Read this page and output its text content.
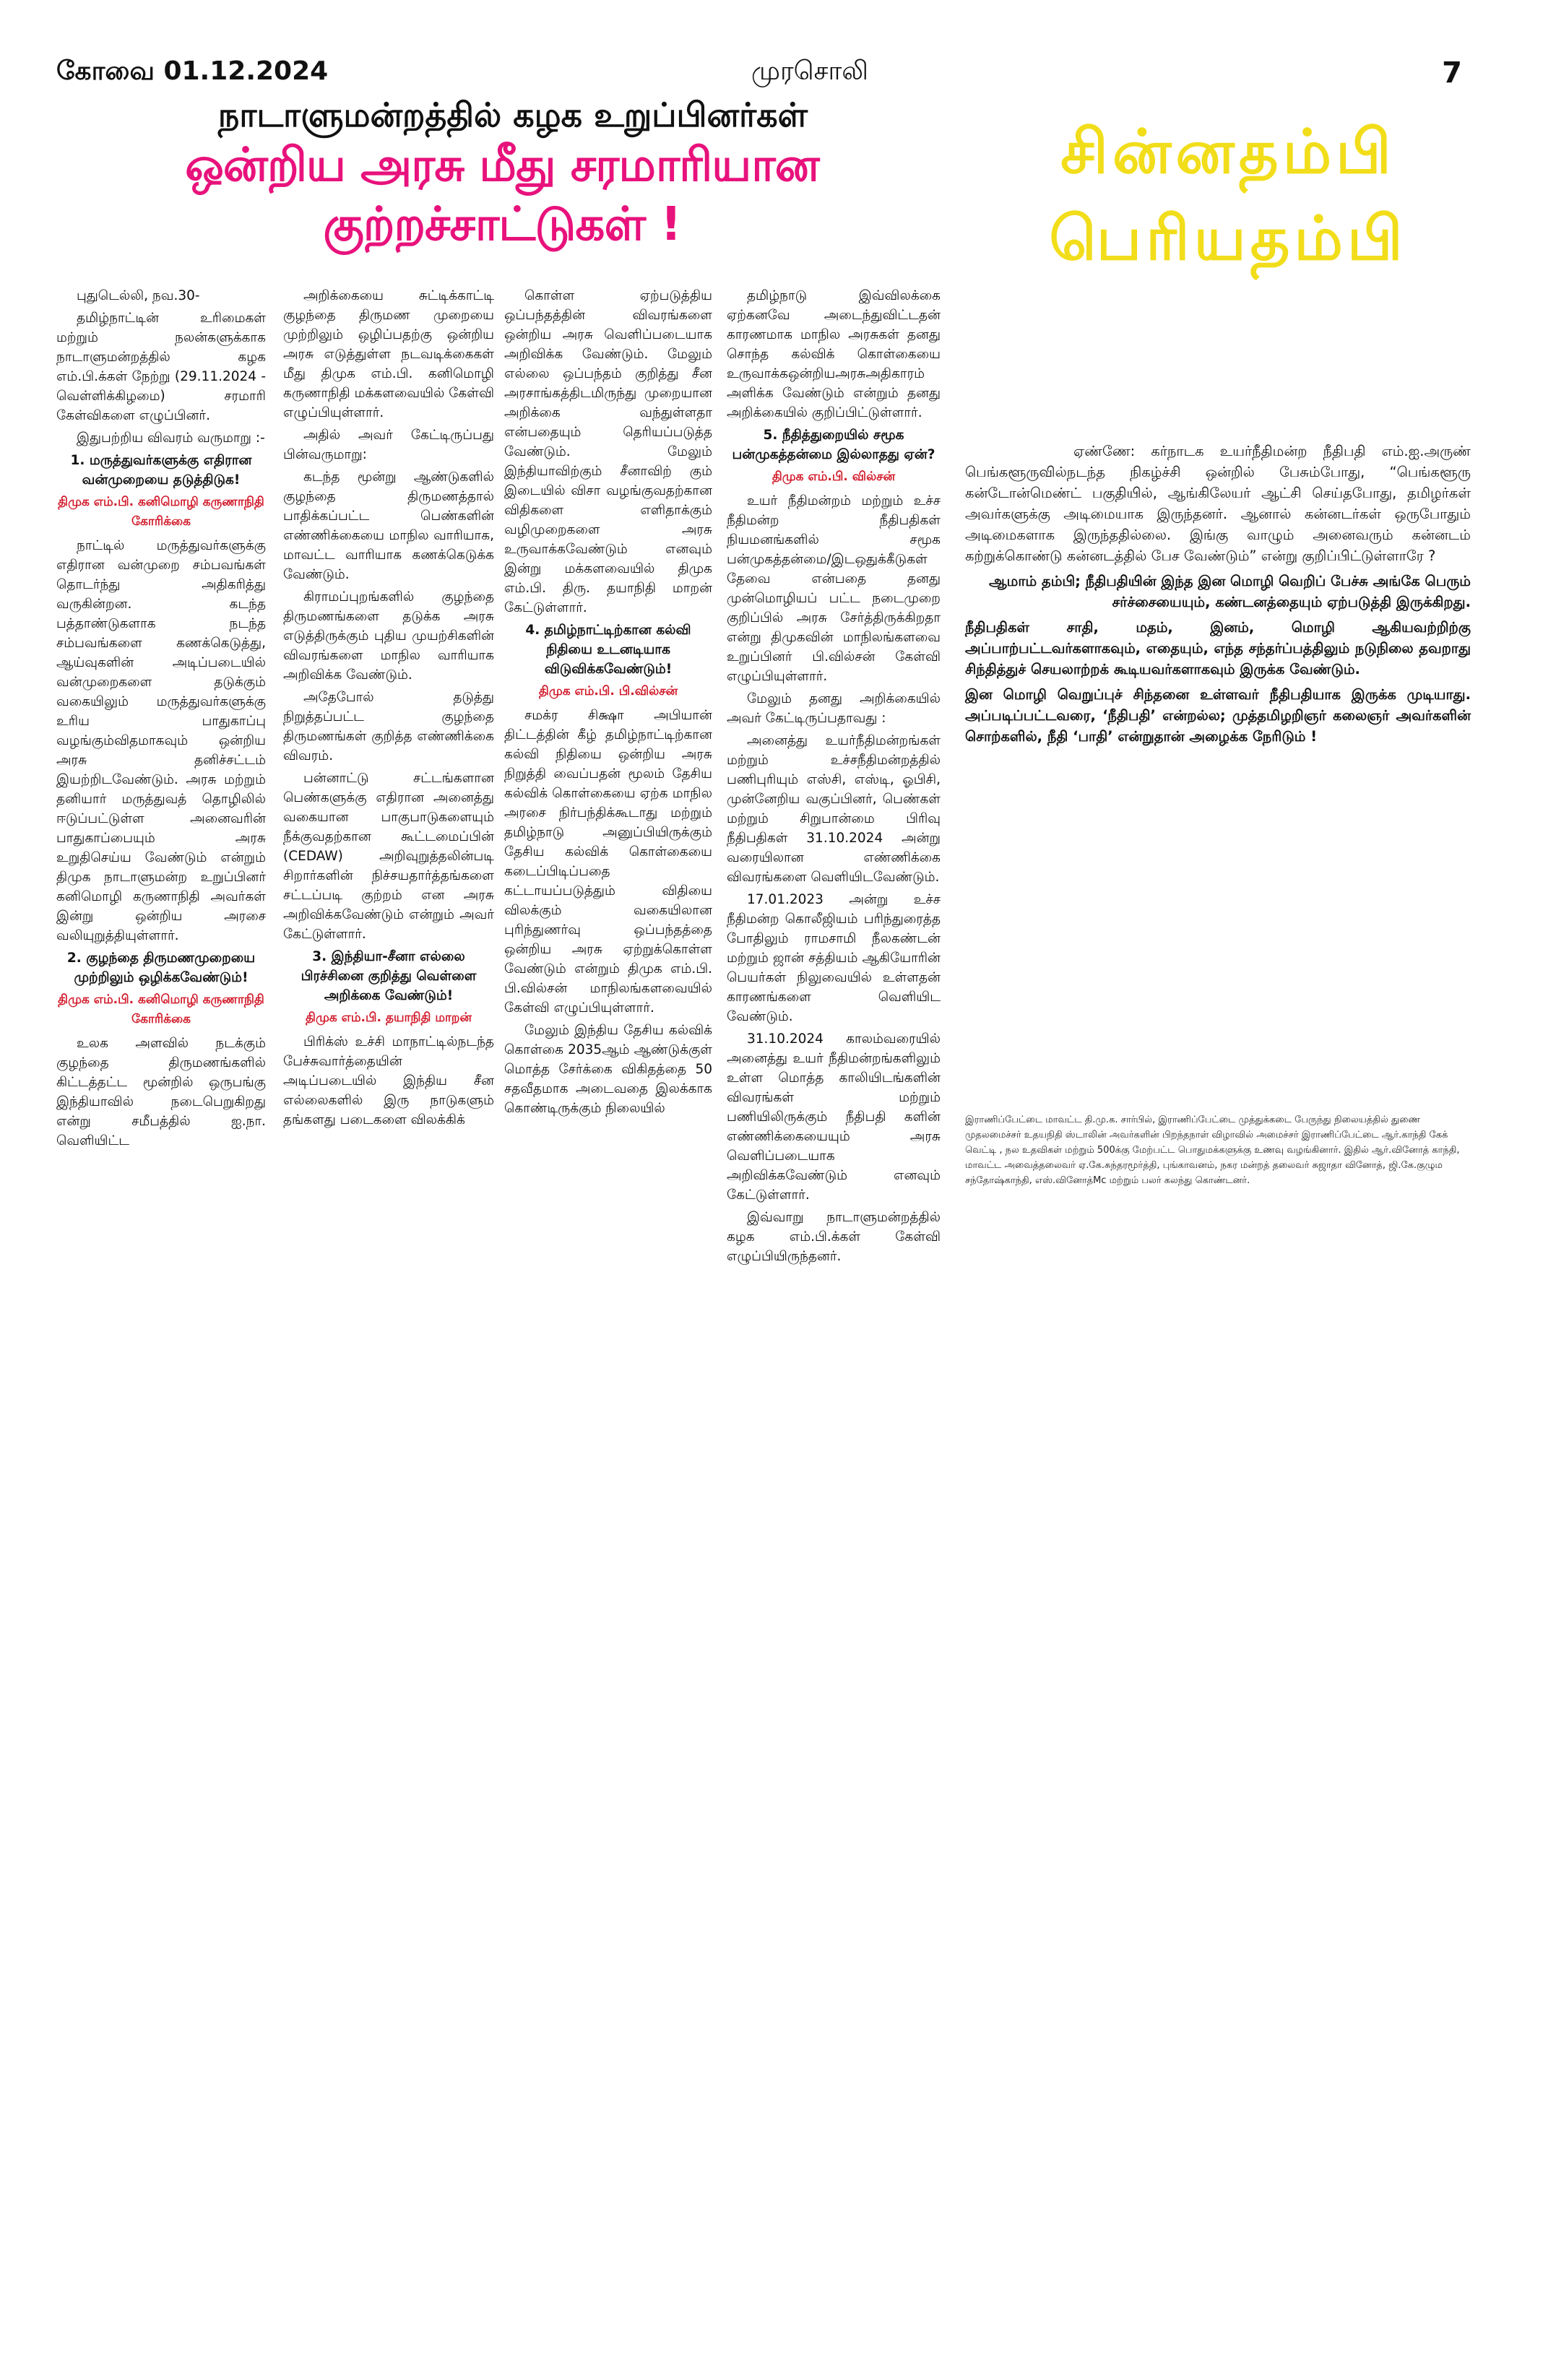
கோவை 01.12.2024	முரசொலி	7
நாடாளுமன்றத்தில் கழக உறுப்பினர்கள்
ஒன்றிய அரசு மீது சரமாரியான குற்றச்சாட்டுகள் !
சின்னதம்பி
பெரியதம்பி

புதுடெல்லி, நவ.30-

தமிழ்நாட்டின் உரிமைகள் மற்றும் நலன்களுக்காக நாடாளுமன்றத்தில் கழக எம்.பி.க்கள் நேற்று (29.11.2024 - வெள்ளிக்கிழமை) சரமாரி கேள்விகளை எழுப்பினர்.

இதுபற்றிய விவரம் வருமாறு :-

1. மருத்துவர்களுக்கு எதிரான வன்முறையை தடுத்திடுக!

திமுக எம்.பி. கனிமொழி கருணாநிதி கோரிக்கை

நாட்டில் மருத்துவர்களுக்கு எதிரான வன்முறை சம்பவங்கள் தொடர்ந்து அதிகரித்து வருகின்றன. கடந்த பத்தாண்டுகளாக நடந்த சம்பவங்களை கணக்கெடுத்து, ஆய்வுகளின் அடிப்படையில் வன்முறைகளை தடுக்கும் வகையிலும் மருத்துவர்களுக்கு உரிய பாதுகாப்பு வழங்கும்விதமாகவும் ஒன்றிய அரசு தனிச்சட்டம் இயற்றிடவேண்டும். அரசு மற்றும் தனியார் மருத்துவத் தொழிலில் ஈடுப்பட்டுள்ள அனைவரின் பாதுகாப்பையும் அரசு உறுதிசெய்ய வேண்டும் என்றும் திமுக நாடாளுமன்ற உறுப்பினர் கனிமொழி கருணாநிதி அவர்கள் இன்று ஒன்றிய அரசை வலியுறுத்தியுள்ளார்.

2. குழந்தை திருமணமுறையை முற்றிலும் ஒழிக்கவேண்டும்!

திமுக எம்.பி. கனிமொழி கருணாநிதி கோரிக்கை

உலக அளவில் நடக்கும் குழந்தை திருமணங்களில் கிட்டத்தட்ட மூன்றில் ஒருபங்கு இந்தியாவில் நடைபெறுகிறது என்று சமீபத்தில் ஐ.நா. வெளியிட்ட

அறிக்கையை சுட்டிக்காட்டி குழந்தை திருமண முறையை முற்றிலும் ஒழிப்பதற்கு ஒன்றிய அரசு எடுத்துள்ள நடவடிக்கைகள் மீது திமுக எம்.பி. கனிமொழி கருணாநிதி மக்களவையில் கேள்வி எழுப்பியுள்ளார்.

அதில் அவர் கேட்டிருப்பது பின்வருமாறு:

கடந்த மூன்று ஆண்டுகளில் குழந்தை திருமணத்தால் பாதிக்கப்பட்ட பெண்களின் எண்ணிக்கையை மாநில வாரியாக, மாவட்ட வாரியாக கணக்கெடுக்க வேண்டும்.

கிராமப்புறங்களில் குழந்தை திருமணங்களை தடுக்க அரசு எடுத்திருக்கும் புதிய முயற்சிகளின் விவரங்களை மாநில வாரியாக அறிவிக்க வேண்டும்.

அதேபோல் தடுத்து நிறுத்தப்பட்ட குழந்தை திருமணங்கள் குறித்த எண்ணிக்கை விவரம்.

பன்னாட்டு சட்டங்களான பெண்களுக்கு எதிரான அனைத்து வகையான பாகுபாடுகளையும் நீக்குவதற்கான கூட்டமைப்பின் (CEDAW) அறிவுறுத்தலின்படி சிறார்களின் நிச்சயதார்த்தங்களை சட்டப்படி குற்றம் என அரசு அறிவிக்கவேண்டும் என்றும் அவர் கேட்டுள்ளார்.

3. இந்தியா-சீனா எல்லை பிரச்சினை குறித்து வெள்ளை அறிக்கை வேண்டும்!

திமுக எம்.பி. தயாநிதி மாறன்

பிரிக்ஸ் உச்சி மாநாட்டில்நடந்த பேச்சுவார்த்தையின் அடிப்படையில் இந்திய சீன எல்லைகளில் இரு நாடுகளும் தங்களது படைகளை விலக்கிக்

கொள்ள ஏற்படுத்திய ஒப்பந்தத்தின் விவரங்களை ஒன்றிய அரசு வெளிப்படையாக அறிவிக்க வேண்டும். மேலும் எல்லை ஒப்பந்தம் குறித்து சீன அரசாங்கத்திடமிருந்து முறையான அறிக்கை வந்துள்ளதா என்பதையும் தெரியப்படுத்த வேண்டும். மேலும் இந்தியாவிற்கும் சீனாவிற் கும் இடையில் விசா வழங்குவதற்கான விதிகளை எளிதாக்கும் வழிமுறைகளை அரசு உருவாக்கவேண்டும் எனவும் இன்று மக்களவையில் திமுக எம்.பி. திரு. தயாநிதி மாறன் கேட்டுள்ளார்.

4. தமிழ்நாட்டிற்கான கல்வி நிதியை உடனடியாக விடுவிக்கவேண்டும்!

திமுக எம்.பி. பி.வில்சன்

சமக்ர சிக்ஷா அபியான் திட்டத்தின் கீழ் தமிழ்நாட்டிற்கான கல்வி நிதியை ஒன்றிய அரசு நிறுத்தி வைப்பதன் மூலம் தேசிய கல்விக் கொள்கையை ஏற்க மாநில அரசை நிர்பந்திக்கூடாது மற்றும் தமிழ்நாடு அனுப்பியிருக்கும் தேசிய கல்விக் கொள்கையை கடைப்பிடிப்பதை கட்டாயப்படுத்தும் விதியை விலக்கும் வகையிலான புரிந்துணர்வு ஒப்பந்தத்தை ஒன்றிய அரசு ஏற்றுக்கொள்ள வேண்டும் என்றும் திமுக எம்.பி. பி.வில்சன் மாநிலங்களவையில் கேள்வி எழுப்பியுள்ளார்.

மேலும் இந்திய தேசிய கல்விக் கொள்கை 2035ஆம் ஆண்டுக்குள் மொத்த சேர்க்கை விகிதத்தை 50 சதவீதமாக அடைவதை இலக்காக கொண்டிருக்கும் நிலையில்

தமிழ்நாடு இவ்விலக்கை ஏற்கனவே அடைந்துவிட்டதன் காரணமாக மாநில அரசுகள் தனது சொந்த கல்விக் கொள்கையை உருவாக்கஒன்றியஅரசுஅதிகாரம் அளிக்க வேண்டும் என்றும் தனது அறிக்கையில் குறிப்பிட்டுள்ளார்.

5. நீதித்துறையில் சமூக பன்முகத்தன்மை இல்லாதது ஏன்?

திமுக எம்.பி. வில்சன்

உயர் நீதிமன்றம் மற்றும் உச்ச நீதிமன்ற நீதிபதிகள் நியமனங்களில் சமூக பன்முகத்தன்மை/இடஒதுக்கீடுகள் தேவை என்பதை தனது முன்மொழியப் பட்ட நடைமுறை குறிப்பில் அரசு சேர்த்திருக்கிறதா என்று திமுகவின் மாநிலங்களவை உறுப்பினர் பி.வில்சன் கேள்வி எழுப்பியுள்ளார்.

மேலும் தனது அறிக்கையில் அவர் கேட்டிருப்பதாவது :

அனைத்து உயர்நீதிமன்றங்கள் மற்றும் உச்சநீதிமன்றத்தில் பணிபுரியும் எஸ்சி, எஸ்டி, ஓபிசி, முன்னேறிய வகுப்பினர், பெண்கள் மற்றும் சிறுபான்மை பிரிவு நீதிபதிகள் 31.10.2024 அன்று வரையிலான எண்ணிக்கை விவரங்களை வெளியிடவேண்டும்.

17.01.2023 அன்று உச்ச நீதிமன்ற கொலீஜியம் பரிந்துரைத்த போதிலும் ராமசாமி நீலகண்டன் மற்றும் ஜான் சத்தியம் ஆகியோரின் பெயர்கள் நிலுவையில் உள்ளதன் காரணங்களை வெளியிட வேண்டும்.

31.10.2024 காலம்வரையில் அனைத்து உயர் நீதிமன்றங்களிலும் உள்ள மொத்த காலியிடங்களின் விவரங்கள் மற்றும் பணியிலிருக்கும் நீதிபதி களின் எண்ணிக்கையையும் அரசு வெளிப்படையாக அறிவிக்கவேண்டும் எனவும் கேட்டுள்ளார்.

இவ்வாறு நாடாளுமன்றத்தில் கழக எம்.பி.க்கள் கேள்வி எழுப்பியிருந்தனர்.

ஏண்ணே: கர்நாடக உயர்நீதிமன்ற நீதிபதி எம்.ஐ.அருண் பெங்களூருவில்நடந்த நிகழ்ச்சி ஒன்றில் பேசும்போது, “பெங்களூரு கன்டோன்மெண்ட் பகுதியில், ஆங்கிலேயர் ஆட்சி செய்தபோது, தமிழர்கள் அவர்களுக்கு அடிமையாக இருந்தனர். ஆனால் கன்னடர்கள் ஒருபோதும் அடிமைகளாக இருந்ததில்லை. இங்கு வாழும் அனைவரும் கன்னடம் கற்றுக்கொண்டு கன்னடத்தில் பேச வேண்டும்” என்று குறிப்பிட்டுள்ளாரே ?

ஆமாம் தம்பி; நீதிபதியின் இந்த இன மொழி வெறிப் பேச்சு அங்கே பெரும் சர்ச்சையையும், கண்டனத்தையும் ஏற்படுத்தி இருக்கிறது.

நீதிபதிகள் சாதி, மதம், இனம், மொழி ஆகியவற்றிற்கு அப்பாற்பட்டவர்களாகவும், எதையும், எந்த சந்தர்ப்பத்திலும் நடுநிலை தவறாது சிந்தித்துச் செயலாற்றக் கூடியவர்களாகவும் இருக்க வேண்டும்.

இன மொழி வெறுப்புச் சிந்தனை உள்ளவர் நீதிபதியாக இருக்க முடியாது. அப்படிப்பட்டவரை, ‘நீதிபதி’ என்றல்ல; முத்தமிழறிஞர் கலைஞர் அவர்களின் சொற்களில், நீதி ‘பாதி’ என்றுதான் அழைக்க நேரிடும் !

இராணிப்பேட்டை மாவட்ட தி.மு.க. சார்பில், இராணிப்பேட்டை முத்துக்கடை பேருந்து நிலையத்தில் துணை முதலமைச்சர் உதயநிதி ஸ்டாலின் அவர்களின் பிறந்தநாள் விழாவில் அமைச்சர் இராணிப்பேட்டை ஆர்.காந்தி கேக் வெட்டி , நல உதவிகள் மற்றும் 500க்கு மேற்பட்ட பொதுமக்களுக்கு உணவு வழங்கினார். இதில் ஆர்.வினோத் காந்தி, மாவட்ட அவைத்தலைவர் ஏ.கே.சுந்தரமூர்த்தி, புங்காவனம், நகர மன்றத் தலைவர் சுஜாதா வினோத், ஜி.கே.குழும சந்தோஷ்காந்தி, எஸ்.வினோத்Mc மற்றும் பலர் கலந்து கொண்டனர்.
